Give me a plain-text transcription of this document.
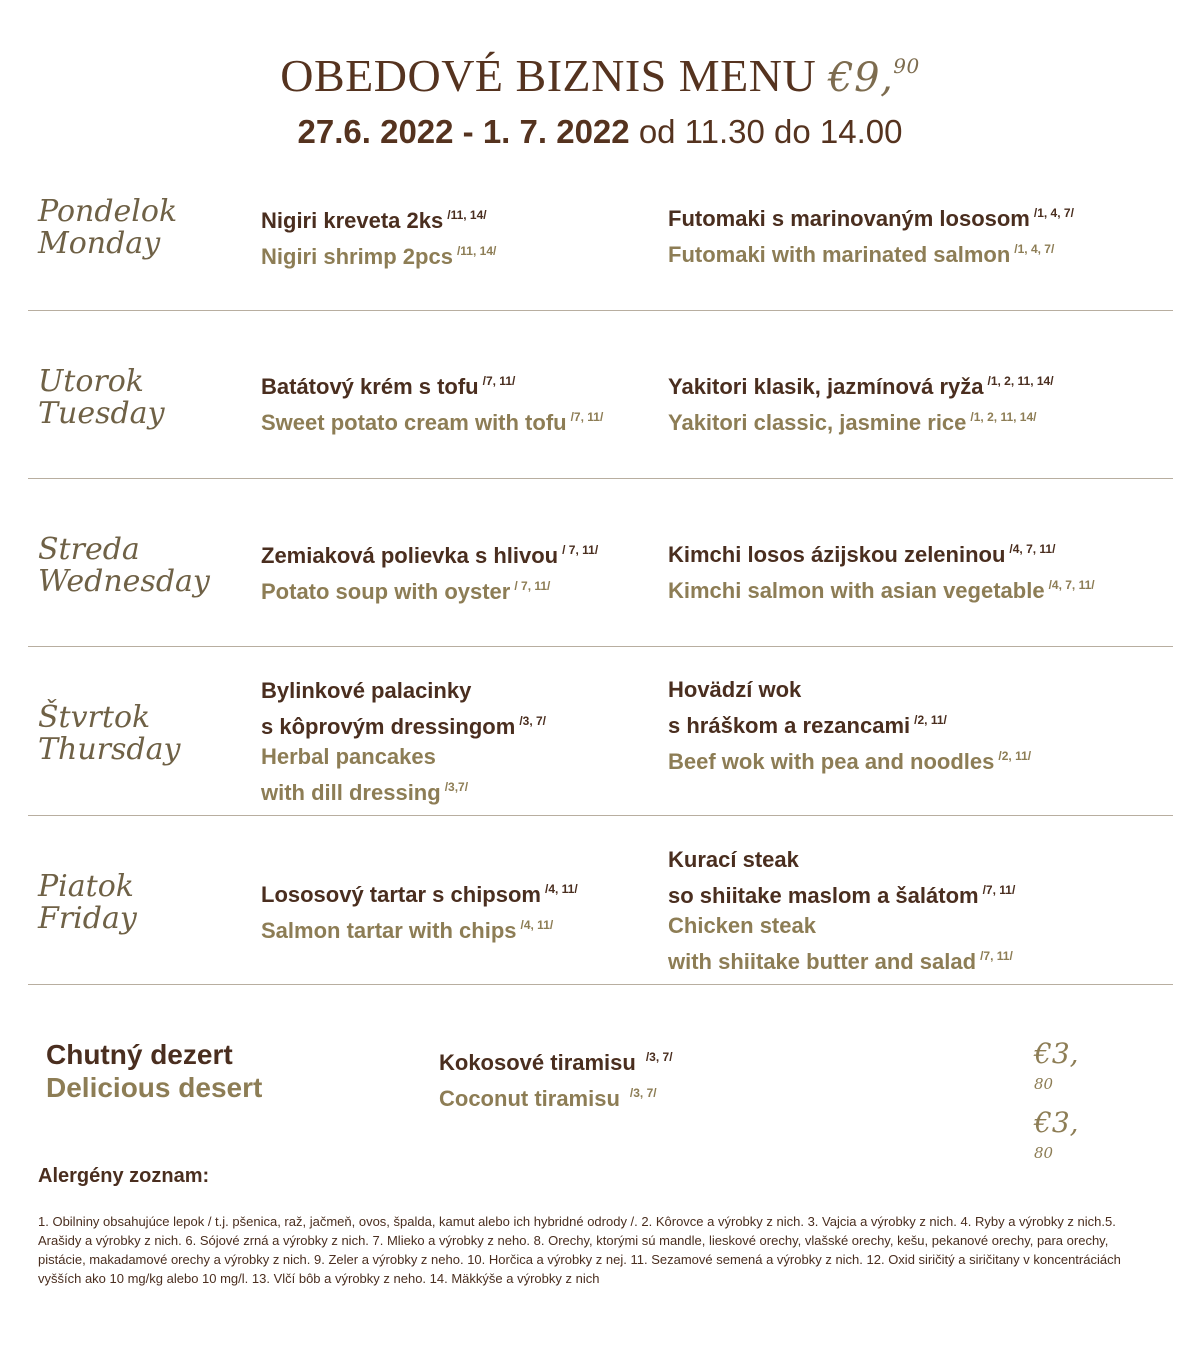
OBEDOVÉ BIZNIS MENU €9,90
27.6. 2022 - 1. 7. 2022 od 11.30 do 14.00
Pondelok
Monday
Nigiri kreveta 2ks $^{/11, 14/}$
Nigiri shrimp 2pcs $^{/11, 14/}$
Futomaki s marinovaným lososom $^{/1, 4, 7/}$
Futomaki with marinated salmon $^{/1, 4, 7/}$
Utorok
Tuesday
Batátový krém s tofu $^{/7, 11/}$
Sweet potato cream with tofu $^{/7, 11/}$
Yakitori klasik, jazmínová ryža $^{/1, 2, 11, 14/}$
Yakitori classic, jasmine rice $^{/1, 2, 11, 14/}$
Streda
Wednesday
Zemiaková polievka s hlivou $^{/ 7, 11/}$
Potato soup with oyster $^{/ 7, 11/}$
Kimchi losos ázijskou zeleninou $^{/4, 7, 11/}$
Kimchi salmon with asian vegetable $^{/4, 7, 11/}$
Štvrtok
Thursday
Bylinkové palacinky
s kôprovým dressingom $^{/3, 7/}$
Herbal pancakes
with dill dressing $^{/3,7/}$
Hovädzí wok
s hráškom a rezancami $^{/2, 11/}$
Beef wok with pea and noodles $^{/2, 11/}$
Piatok
Friday
Lososový tartar s chipsom $^{/4, 11/}$
Salmon tartar with chips $^{/4, 11/}$
Kurací steak
so shiitake maslom a šalátom $^{/7, 11/}$
Chicken steak
with shiitake butter and salad $^{/7, 11/}$
Chutný dezert
Delicious desert
Kokosové tiramisu $^{/3, 7/}$
Coconut tiramisu $^{/3, 7/}$
€3,
$^{80}$
€3,
$^{80}$
Alergény zoznam:
1. Obilniny obsahujúce lepok / t.j. pšenica, raž, jačmeň, ovos, špalda, kamut alebo ich hybridné odrody /. 2. Kôrovce a výrobky z nich. 3. Vajcia a výrobky z nich. 4. Ryby a výrobky z nich.5. Arašidy a výrobky z nich. 6. Sójové zrná a výrobky z nich. 7. Mlieko a výrobky z neho. 8. Orechy, ktorými sú mandle, lieskové orechy, vlašské orechy, kešu, pekanové orechy, para orechy, pistácie, makadamové orechy a výrobky z nich. 9. Zeler a výrobky z neho. 10. Horčica a výrobky z nej. 11. Sezamové semená a výrobky z nich. 12. Oxid siričitý a siričitany v koncentráciách vyšších ako 10 mg/kg alebo 10 mg/l. 13. Vlčí bôb a výrobky z neho. 14. Mäkkýše a výrobky z nich
